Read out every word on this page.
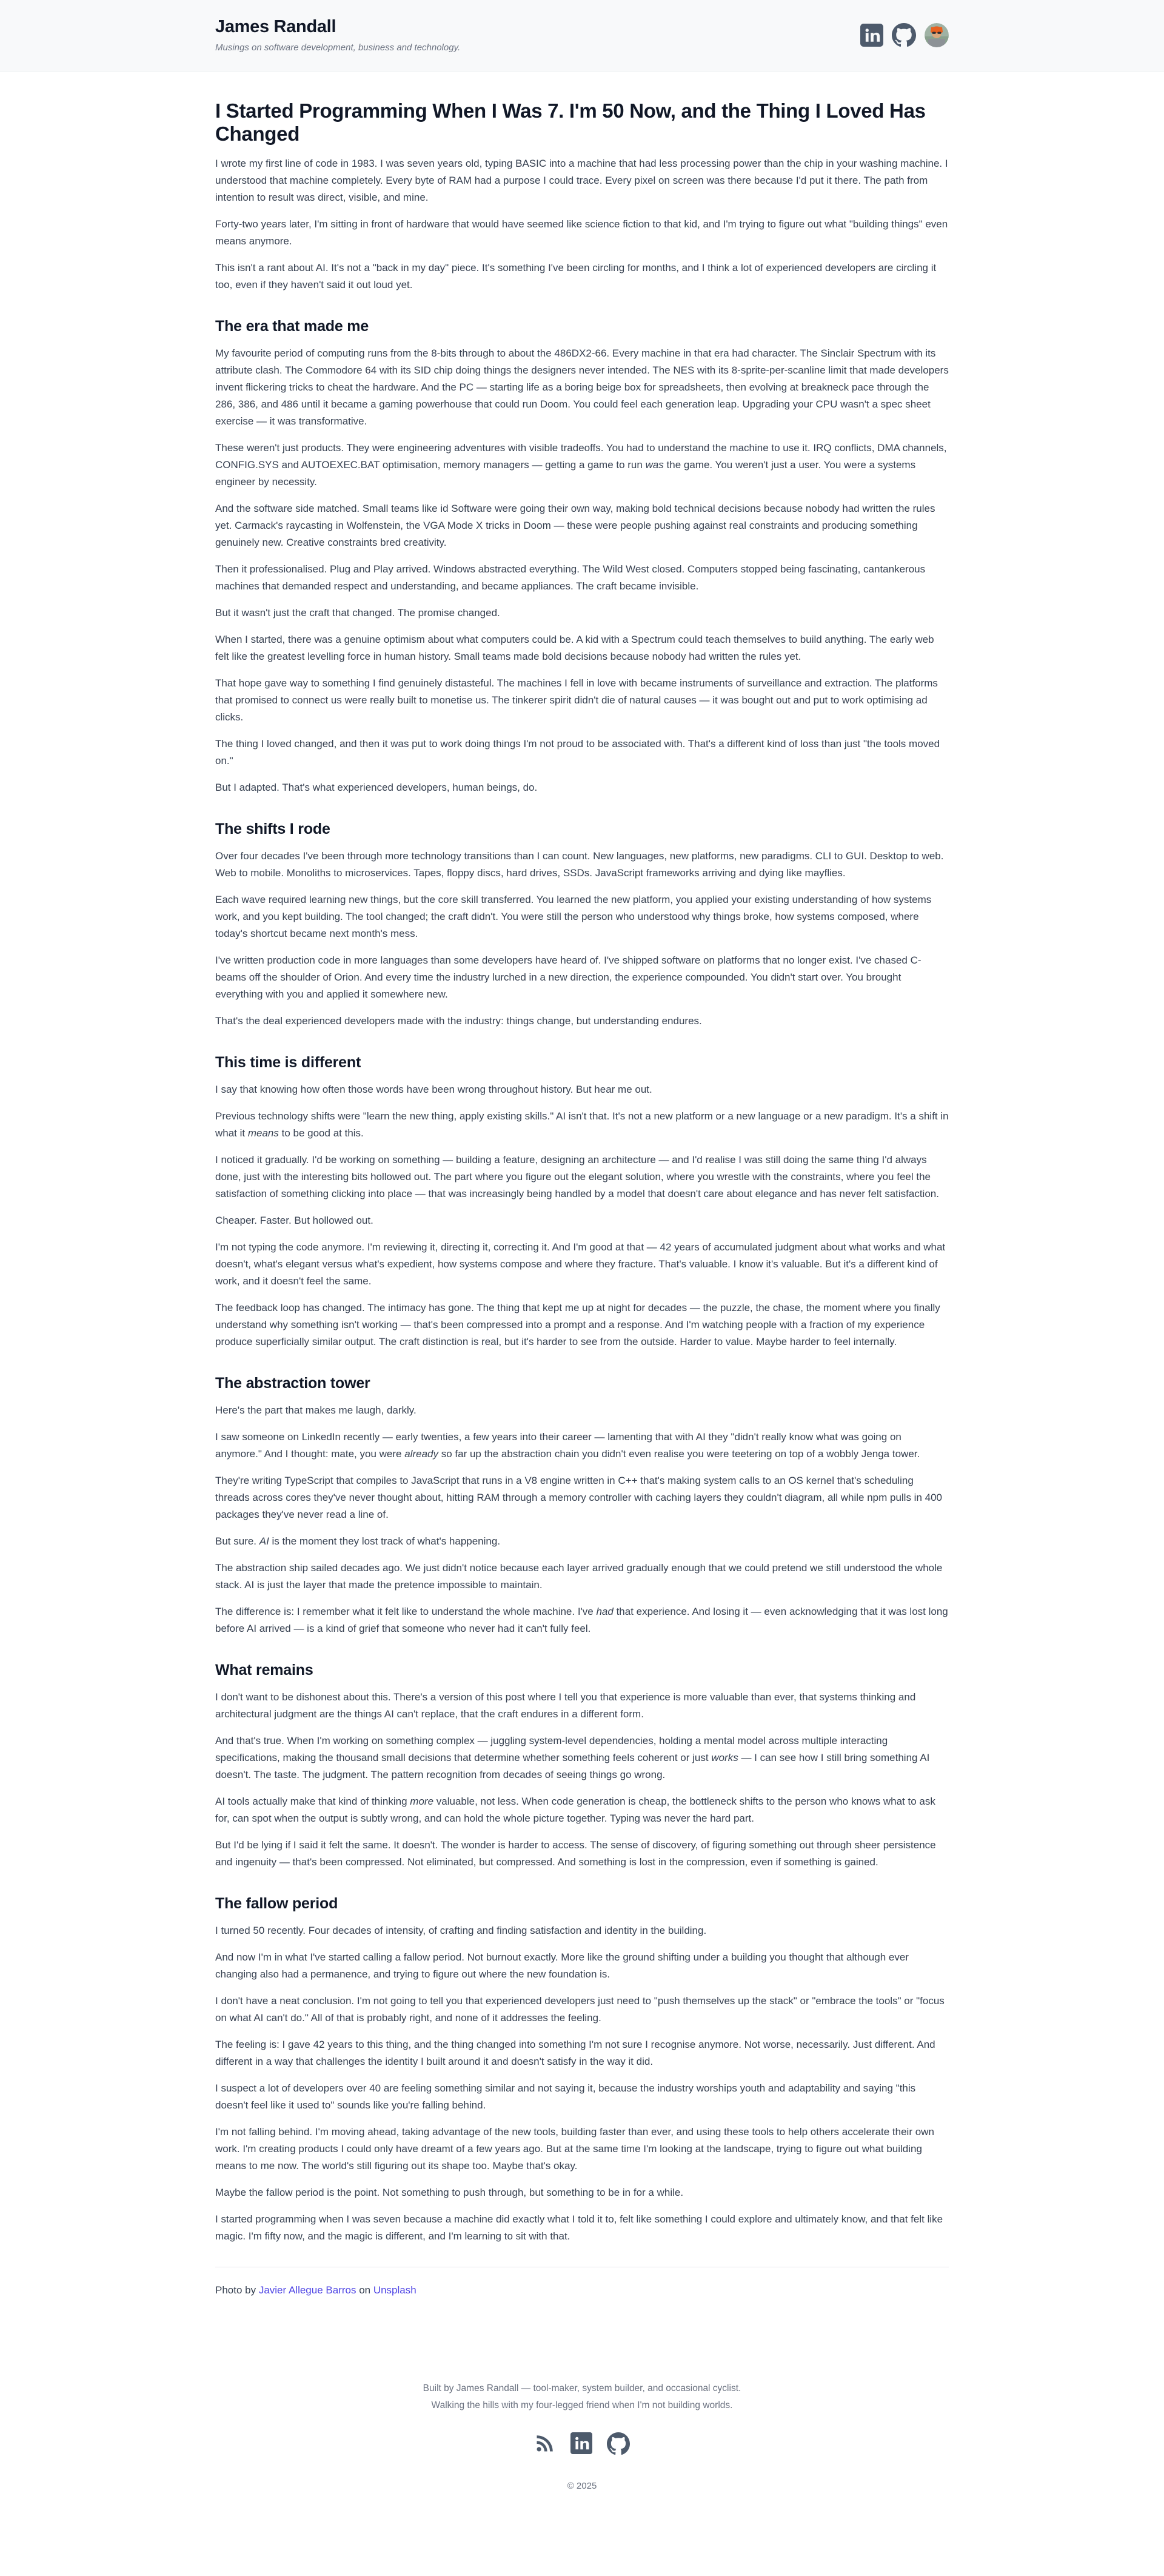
James Randall
Musings on software development, business and technology.
I Started Programming When I Was 7. I'm 50 Now, and the Thing I Loved Has Changed

I wrote my first line of code in 1983. I was seven years old, typing BASIC into a machine that had less processing power than the chip in your washing machine. I understood that machine completely. Every byte of RAM had a purpose I could trace. Every pixel on screen was there because I'd put it there. The path from intention to result was direct, visible, and mine.

Forty-two years later, I'm sitting in front of hardware that would have seemed like science fiction to that kid, and I'm trying to figure out what "building things" even means anymore.

This isn't a rant about AI. It's not a "back in my day" piece. It's something I've been circling for months, and I think a lot of experienced developers are circling it too, even if they haven't said it out loud yet.

The era that made me

My favourite period of computing runs from the 8-bits through to about the 486DX2-66. Every machine in that era had character. The Sinclair Spectrum with its attribute clash. The Commodore 64 with its SID chip doing things the designers never intended. The NES with its 8-sprite-per-scanline limit that made developers invent flickering tricks to cheat the hardware. And the PC — starting life as a boring beige box for spreadsheets, then evolving at breakneck pace through the 286, 386, and 486 until it became a gaming powerhouse that could run Doom. You could feel each generation leap. Upgrading your CPU wasn't a spec sheet exercise — it was transformative.

These weren't just products. They were engineering adventures with visible tradeoffs. You had to understand the machine to use it. IRQ conflicts, DMA channels, CONFIG.SYS and AUTOEXEC.BAT optimisation, memory managers — getting a game to run was the game. You weren't just a user. You were a systems engineer by necessity.

And the software side matched. Small teams like id Software were going their own way, making bold technical decisions because nobody had written the rules yet. Carmack's raycasting in Wolfenstein, the VGA Mode X tricks in Doom — these were people pushing against real constraints and producing something genuinely new. Creative constraints bred creativity.

Then it professionalised. Plug and Play arrived. Windows abstracted everything. The Wild West closed. Computers stopped being fascinating, cantankerous machines that demanded respect and understanding, and became appliances. The craft became invisible.

But it wasn't just the craft that changed. The promise changed.

When I started, there was a genuine optimism about what computers could be. A kid with a Spectrum could teach themselves to build anything. The early web felt like the greatest levelling force in human history. Small teams made bold decisions because nobody had written the rules yet.

That hope gave way to something I find genuinely distasteful. The machines I fell in love with became instruments of surveillance and extraction. The platforms that promised to connect us were really built to monetise us. The tinkerer spirit didn't die of natural causes — it was bought out and put to work optimising ad clicks.

The thing I loved changed, and then it was put to work doing things I'm not proud to be associated with. That's a different kind of loss than just "the tools moved on."

But I adapted. That's what experienced developers, human beings, do.

The shifts I rode

Over four decades I've been through more technology transitions than I can count. New languages, new platforms, new paradigms. CLI to GUI. Desktop to web. Web to mobile. Monoliths to microservices. Tapes, floppy discs, hard drives, SSDs. JavaScript frameworks arriving and dying like mayflies.

Each wave required learning new things, but the core skill transferred. You learned the new platform, you applied your existing understanding of how systems work, and you kept building. The tool changed; the craft didn't. You were still the person who understood why things broke, how systems composed, where today's shortcut became next month's mess.

I've written production code in more languages than some developers have heard of. I've shipped software on platforms that no longer exist. I've chased C-beams off the shoulder of Orion. And every time the industry lurched in a new direction, the experience compounded. You didn't start over. You brought everything with you and applied it somewhere new.

That's the deal experienced developers made with the industry: things change, but understanding endures.

This time is different

I say that knowing how often those words have been wrong throughout history. But hear me out.

Previous technology shifts were "learn the new thing, apply existing skills." AI isn't that. It's not a new platform or a new language or a new paradigm. It's a shift in what it means to be good at this.

I noticed it gradually. I'd be working on something — building a feature, designing an architecture — and I'd realise I was still doing the same thing I'd always done, just with the interesting bits hollowed out. The part where you figure out the elegant solution, where you wrestle with the constraints, where you feel the satisfaction of something clicking into place — that was increasingly being handled by a model that doesn't care about elegance and has never felt satisfaction.

Cheaper. Faster. But hollowed out.

I'm not typing the code anymore. I'm reviewing it, directing it, correcting it. And I'm good at that — 42 years of accumulated judgment about what works and what doesn't, what's elegant versus what's expedient, how systems compose and where they fracture. That's valuable. I know it's valuable. But it's a different kind of work, and it doesn't feel the same.

The feedback loop has changed. The intimacy has gone. The thing that kept me up at night for decades — the puzzle, the chase, the moment where you finally understand why something isn't working — that's been compressed into a prompt and a response. And I'm watching people with a fraction of my experience produce superficially similar output. The craft distinction is real, but it's harder to see from the outside. Harder to value. Maybe harder to feel internally.

The abstraction tower

Here's the part that makes me laugh, darkly.

I saw someone on LinkedIn recently — early twenties, a few years into their career — lamenting that with AI they "didn't really know what was going on anymore." And I thought: mate, you were already so far up the abstraction chain you didn't even realise you were teetering on top of a wobbly Jenga tower.

They're writing TypeScript that compiles to JavaScript that runs in a V8 engine written in C++ that's making system calls to an OS kernel that's scheduling threads across cores they've never thought about, hitting RAM through a memory controller with caching layers they couldn't diagram, all while npm pulls in 400 packages they've never read a line of.

But sure. AI is the moment they lost track of what's happening.

The abstraction ship sailed decades ago. We just didn't notice because each layer arrived gradually enough that we could pretend we still understood the whole stack. AI is just the layer that made the pretence impossible to maintain.

The difference is: I remember what it felt like to understand the whole machine. I've had that experience. And losing it — even acknowledging that it was lost long before AI arrived — is a kind of grief that someone who never had it can't fully feel.

What remains

I don't want to be dishonest about this. There's a version of this post where I tell you that experience is more valuable than ever, that systems thinking and architectural judgment are the things AI can't replace, that the craft endures in a different form.

And that's true. When I'm working on something complex — juggling system-level dependencies, holding a mental model across multiple interacting specifications, making the thousand small decisions that determine whether something feels coherent or just works — I can see how I still bring something AI doesn't. The taste. The judgment. The pattern recognition from decades of seeing things go wrong.

AI tools actually make that kind of thinking more valuable, not less. When code generation is cheap, the bottleneck shifts to the person who knows what to ask for, can spot when the output is subtly wrong, and can hold the whole picture together. Typing was never the hard part.

But I'd be lying if I said it felt the same. It doesn't. The wonder is harder to access. The sense of discovery, of figuring something out through sheer persistence and ingenuity — that's been compressed. Not eliminated, but compressed. And something is lost in the compression, even if something is gained.

The fallow period

I turned 50 recently. Four decades of intensity, of crafting and finding satisfaction and identity in the building.

And now I'm in what I've started calling a fallow period. Not burnout exactly. More like the ground shifting under a building you thought that although ever changing also had a permanence, and trying to figure out where the new foundation is.

I don't have a neat conclusion. I'm not going to tell you that experienced developers just need to "push themselves up the stack" or "embrace the tools" or "focus on what AI can't do." All of that is probably right, and none of it addresses the feeling.

The feeling is: I gave 42 years to this thing, and the thing changed into something I'm not sure I recognise anymore. Not worse, necessarily. Just different. And different in a way that challenges the identity I built around it and doesn't satisfy in the way it did.

I suspect a lot of developers over 40 are feeling something similar and not saying it, because the industry worships youth and adaptability and saying "this doesn't feel like it used to" sounds like you're falling behind.

I'm not falling behind. I'm moving ahead, taking advantage of the new tools, building faster than ever, and using these tools to help others accelerate their own work. I'm creating products I could only have dreamt of a few years ago. But at the same time I'm looking at the landscape, trying to figure out what building means to me now. The world's still figuring out its shape too. Maybe that's okay.

Maybe the fallow period is the point. Not something to push through, but something to be in for a while.

I started programming when I was seven because a machine did exactly what I told it to, felt like something I could explore and ultimately know, and that felt like magic. I'm fifty now, and the magic is different, and I'm learning to sit with that.

Photo by Javier Allegue Barros on Unsplash

Built by James Randall — tool-maker, system builder, and occasional cyclist.

Walking the hills with my four-legged friend when I'm not building worlds.

© 2025
